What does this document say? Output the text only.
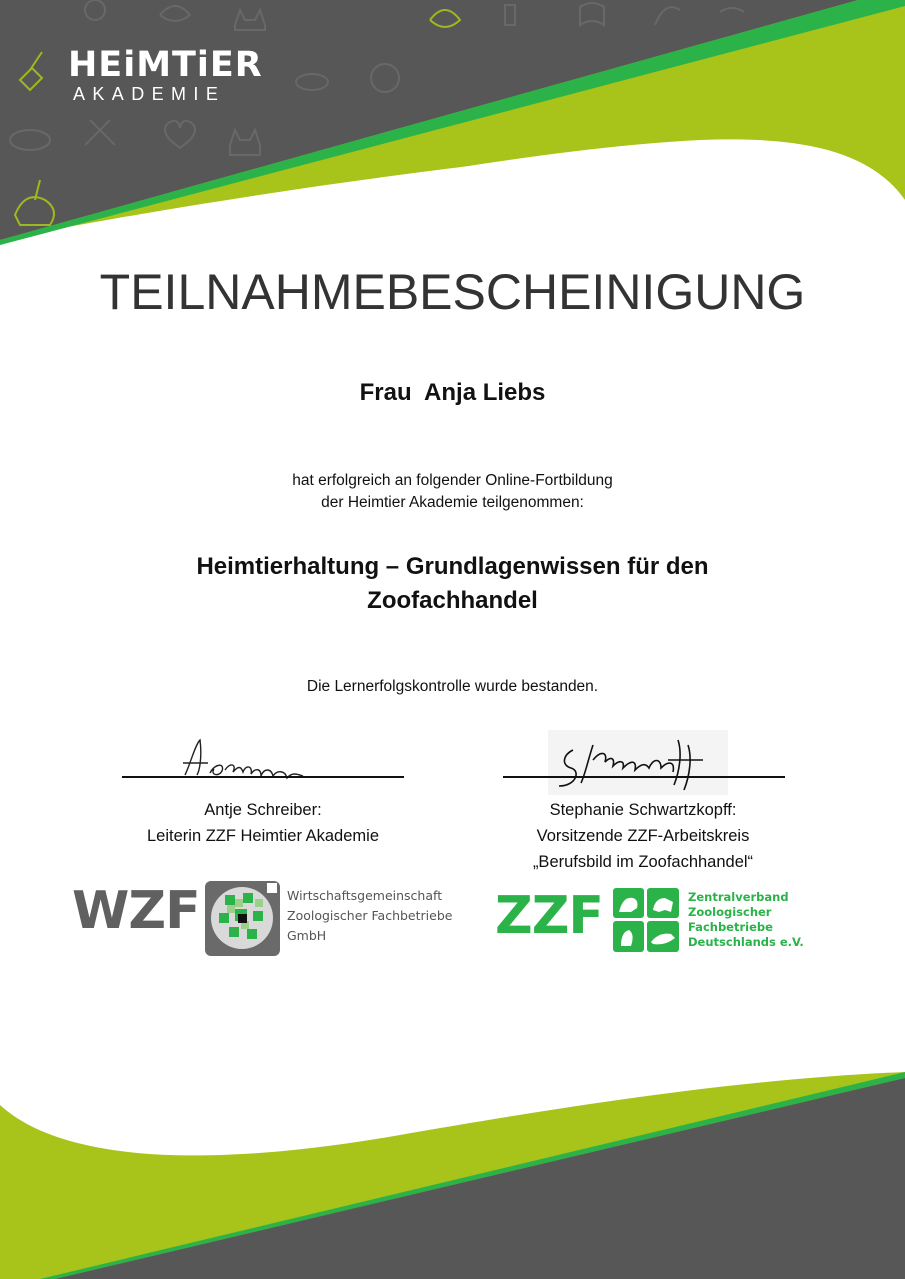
HEiMTiER
AKADEMIE
TEILNAHMEBESCHEINIGUNG
Frau  Anja Liebs
hat erfolgreich an folgender Online-Fortbildung
der Heimtier Akademie teilgenommen:
Heimtierhaltung – Grundlagenwissen für den
Zoofachhandel
Die Lernerfolgskontrolle wurde bestanden.
Antje Schreiber:
Leiterin ZZF Heimtier Akademie
Stephanie Schwartzkopff:
Vorsitzende ZZF-Arbeitskreis
„Berufsbild im Zoofachhandel“
WZF	Wirtschaftsgemeinschaft
Zoologischer Fachbetriebe
GmbH	ZZF	Zentralverband
Zoologischer
Fachbetriebe
Deutschlands e.V.
